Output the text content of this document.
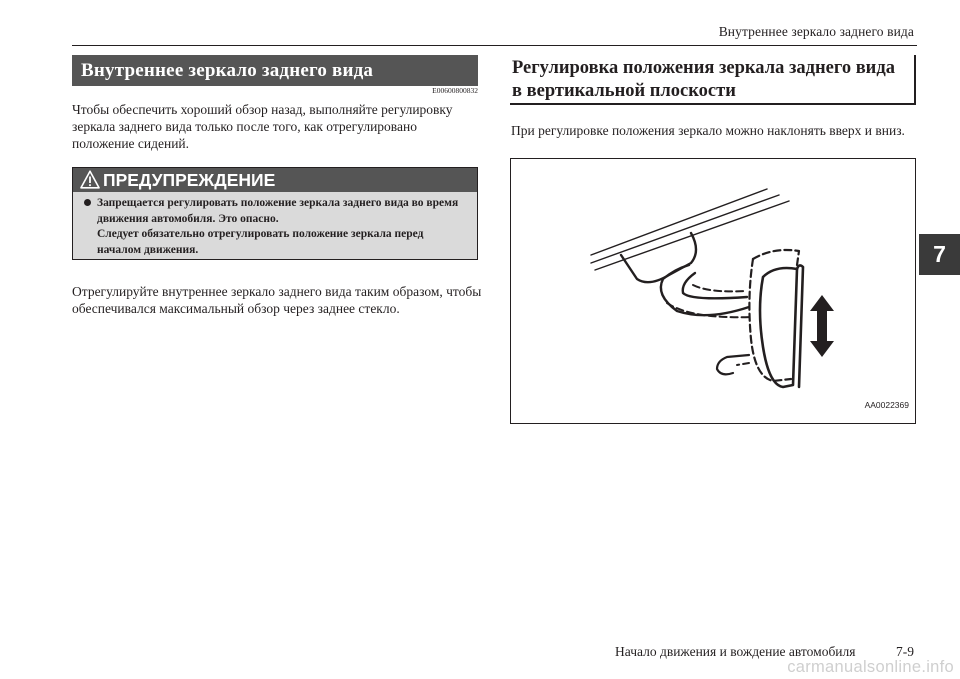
Внутреннее зеркало заднего вида
Внутреннее зеркало заднего вида
E00600800832
Чтобы обеспечить хороший обзор назад, выполняйте регулировку зеркала заднего вида только после того, как отрегулировано положение сидений.
ПРЕДУПРЕЖДЕНИЕ
Запрещается регулировать положение зеркала заднего вида во время движения автомобиля. Это опасно.
Следует обязательно отрегулировать положение зеркала перед началом движения.
Отрегулируйте внутреннее зеркало заднего вида таким образом, чтобы обеспечивался максимальный обзор через заднее стекло.
Регулировка положения зеркала заднего вида
в вертикальной плоскости
При регулировке положения зеркало можно наклонять вверх и вниз.
AA0022369
7
Начало движения и вождение автомобиля	7-9
carmanualsonline.info
